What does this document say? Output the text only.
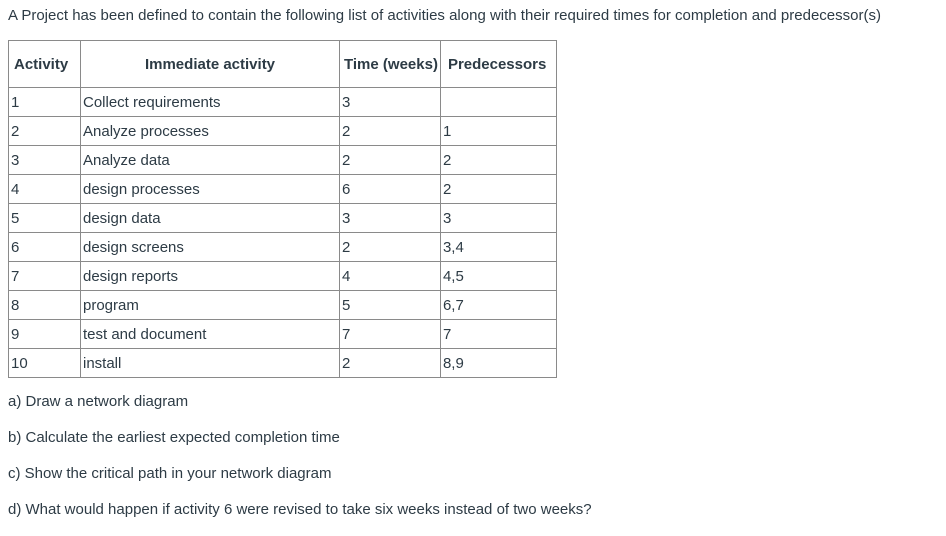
A Project has been defined to contain the following list of activities along with their required times for completion and predecessor(s)
Activity	Immediate activity	Time (weeks)	Predecessors
1	Collect requirements	3	
2	Analyze processes	2	1
3	Analyze data	2	2
4	design processes	6	2
5	design data	3	3
6	design screens	2	3,4
7	design reports	4	4,5
8	program	5	6,7
9	test and document	7	7
10	install	2	8,9

a) Draw a network diagram

b) Calculate the earliest expected completion time

c) Show the critical path in your network diagram

d) What would happen if activity 6 were revised to take six weeks instead of two weeks?
